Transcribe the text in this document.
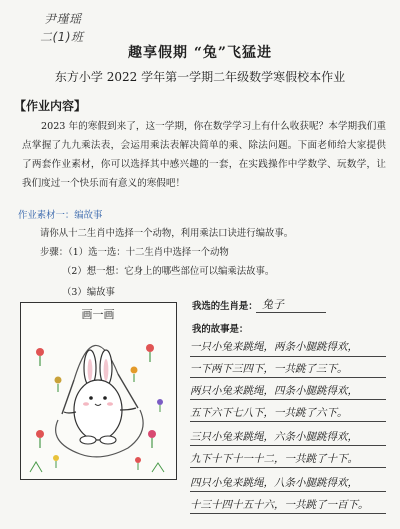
尹瑾瑶
二(1)班
趣享假期 “兔”飞猛进
东方小学 2022 学年第一学期二年级数学寒假校本作业
【作业内容】
2023 年的寒假到来了，这一学期，你在数学学习上有什么收获呢？本学期我们重点掌握了九九乘法表，会运用乘法表解决简单的乘、除法问题。下面老师给大家提供了两套作业素材，你可以选择其中感兴趣的一套，在实践操作中学数学、玩数学，让我们度过一个快乐而有意义的寒假吧！
作业素材一：编故事
请你从十二生肖中选择一个动物，利用乘法口诀进行编故事。
步骤：（1）选一选：十二生肖中选择一个动物
（2）想一想：它身上的哪些部位可以编乘法故事。
（3）编故事
画一画
我选的生肖是： 兔子
我的故事是：
一只小兔来跳绳，两条小腿跳得欢，
一下两下三四下，一共跳了三下。
两只小兔来跳绳，四条小腿跳得欢，
五下六下七八下，一共跳了六下。
三只小兔来跳绳，六条小腿跳得欢，
九下十下十一十二，一共跳了十下。
四只小兔来跳绳，八条小腿跳得欢，
十三十四十五十六，一共跳了一百下。
